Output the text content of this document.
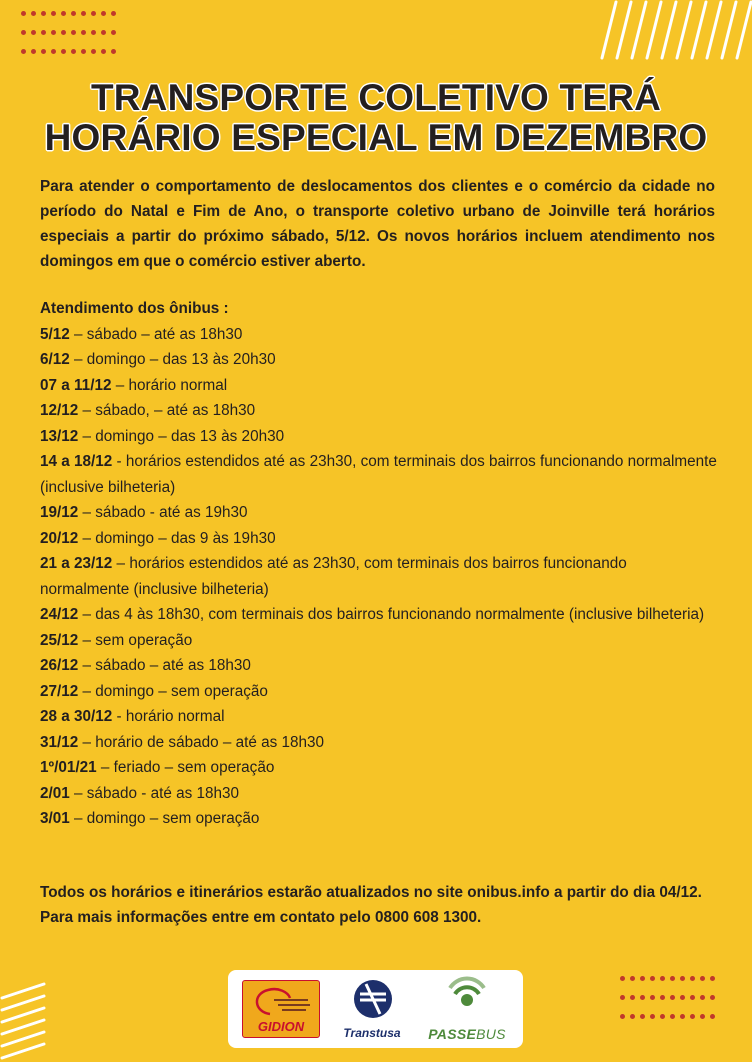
TRANSPORTE COLETIVO TERÁ
HORÁRIO ESPECIAL EM DEZEMBRO
Para atender o comportamento de deslocamentos dos clientes e o comércio da cidade no período do Natal e Fim de Ano, o transporte coletivo urbano de Joinville terá horários especiais a partir do próximo sábado, 5/12. Os novos horários incluem atendimento nos domingos em que o comércio estiver aberto.
Atendimento dos ônibus :
5/12 – sábado – até as 18h30
6/12 – domingo – das 13 às 20h30
07 a 11/12 – horário normal
12/12 – sábado, – até as 18h30
13/12 – domingo – das 13 às 20h30
14 a 18/12 - horários estendidos até as 23h30, com terminais dos bairros funcionando normalmente (inclusive bilheteria)
19/12 – sábado - até as 19h30
20/12 – domingo – das 9 às 19h30
21 a 23/12 – horários estendidos até as 23h30, com terminais dos bairros funcionando normalmente (inclusive bilheteria)
24/12 – das 4 às 18h30, com terminais dos bairros funcionando normalmente (inclusive bilheteria)
25/12 – sem operação
26/12 – sábado – até as 18h30
27/12 – domingo – sem operação
28 a 30/12 - horário normal
31/12 – horário de sábado – até as 18h30
1º/01/21 – feriado – sem operação
2/01 – sábado - até as 18h30
3/01 – domingo – sem operação
Todos os horários e itinerários estarão atualizados no site onibus.info a partir do dia 04/12.
Para mais informações entre em contato pelo 0800 608 1300.
GIDION	Transtusa	PASSEBUS
